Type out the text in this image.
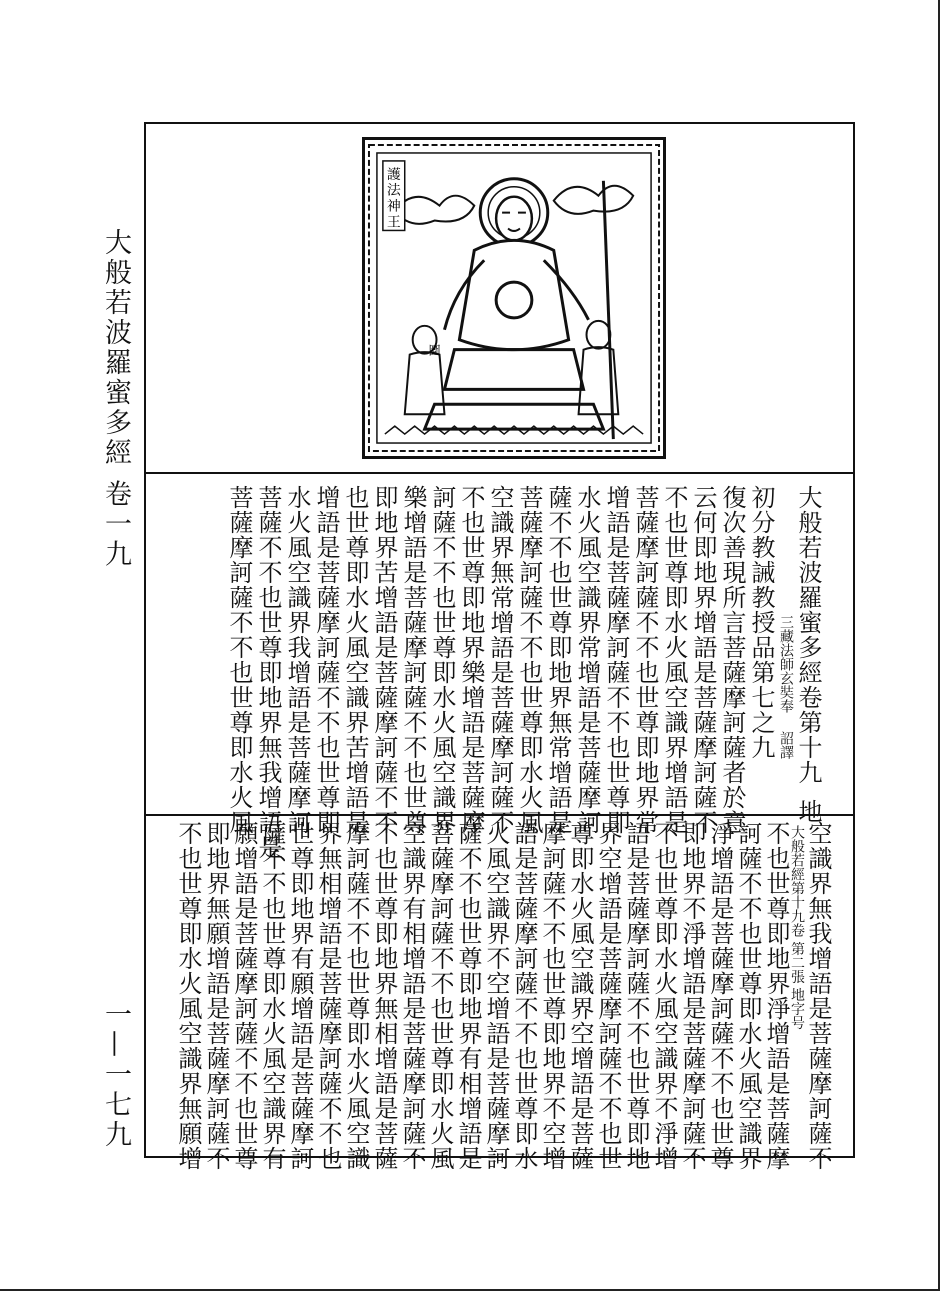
大般若波羅蜜多經 卷一九
一—一七九
護
法
神
王
圖
大般若波羅蜜多經卷第十九地
三藏法師玄奘奉詔譯
初分教誡教授品第七之九
復次善現所言菩薩摩訶薩者於意
云何即地界增語是菩薩摩訶薩不
不也世尊即水火風空識界增語是
菩薩摩訶薩不不也世尊即地界常
增語是菩薩摩訶薩不不也世尊即
水火風空識界常增語是菩薩摩訶
薩不不也世尊即地界無常增語是
菩薩摩訶薩不不也世尊即水火風
空識界無常增語是菩薩摩訶薩不
不也世尊即地界樂增語是菩薩摩
訶薩不不也世尊即水火風空識界
樂增語是菩薩摩訶薩不不也世尊
即地界苦增語是菩薩摩訶薩不不
也世尊即水火風空識界苦增語是
增語是菩薩摩訶薩不不也世尊即
水火風空識界我增語是菩薩摩訶
菩薩不不也世尊即地界無我增語是
菩薩摩訶薩不不也世尊即水火風
空識界無我增語是菩薩摩訶薩不
大般若經第十九卷 第二張 地字号
不也世尊即地界淨增語是菩薩摩
訶薩不不也世尊即水火風空識界
淨增語是菩薩摩訶薩不不也世尊
即地界不淨增語是菩薩摩訶薩不
不也世尊即水火風空識界不淨增
語是菩薩摩訶薩不不也世尊即地
界空增語是菩薩摩訶薩不不也世
尊即水火風空識界空增語是菩薩
摩訶薩不不也世尊即地界不空增
語是菩薩摩訶薩不不也世尊即水
火風空識界不空增語是菩薩摩訶
薩不不也世尊即地界有相增語是
菩薩摩訶薩不不也世尊即水火風
空識界有相增語是菩薩摩訶薩不
不也世尊即地界無相增語是菩薩
摩訶薩不不也世尊即水火風空識
界無相增語是菩薩摩訶薩不不也
世尊即地界有願增語是菩薩摩訶
薩不不也世尊即水火風空識界有
願增語是菩薩摩訶薩不不也世尊
即地界無願增語是菩薩摩訶薩不
不也世尊即水火風空識界無願增
